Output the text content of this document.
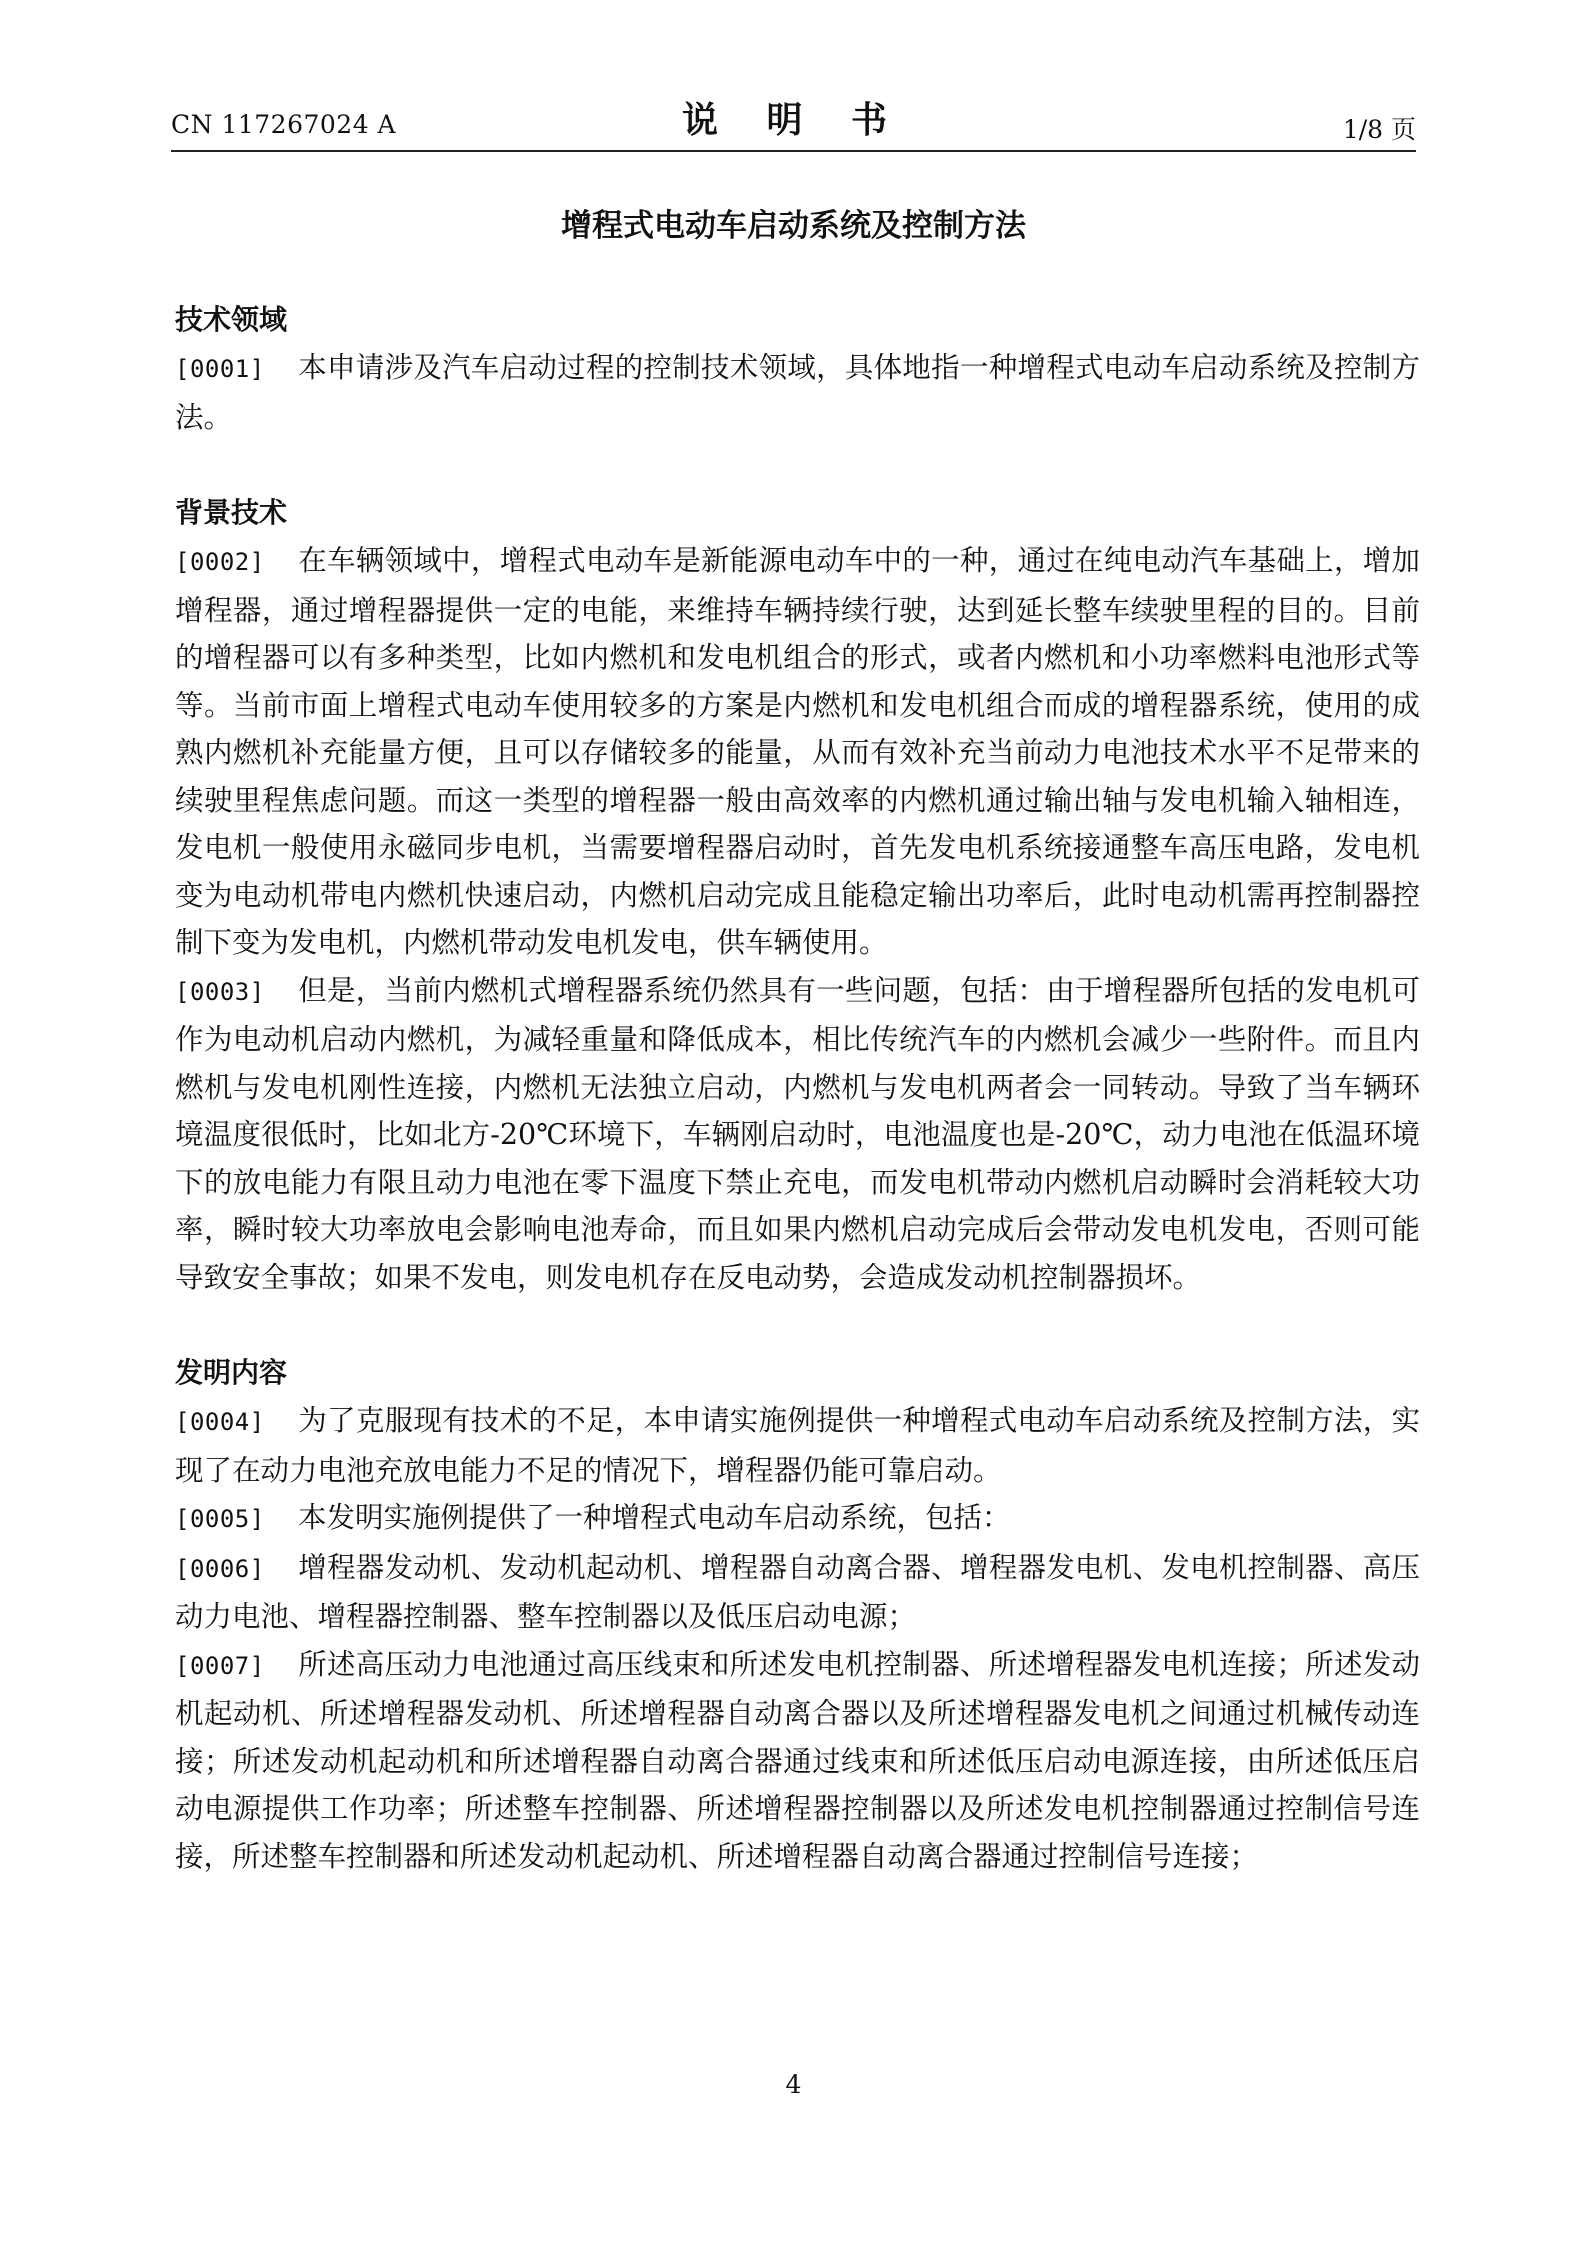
CN 117267024 A	说 明 书	1/8 页
增程式电动车启动系统及控制方法
技术领域

[0001] 本申请涉及汽车启动过程的控制技术领域，具体地指一种增程式电动车启动系统及控制方法。

背景技术

[0002] 在车辆领域中，增程式电动车是新能源电动车中的一种，通过在纯电动汽车基础上，增加增程器，通过增程器提供一定的电能，来维持车辆持续行驶，达到延长整车续驶里程的目的。目前的增程器可以有多种类型，比如内燃机和发电机组合的形式，或者内燃机和小功率燃料电池形式等等。当前市面上增程式电动车使用较多的方案是内燃机和发电机组合而成的增程器系统，使用的成熟内燃机补充能量方便，且可以存储较多的能量，从而有效补充当前动力电池技术水平不足带来的续驶里程焦虑问题。而这一类型的增程器一般由高效率的内燃机通过输出轴与发电机输入轴相连，发电机一般使用永磁同步电机，当需要增程器启动时，首先发电机系统接通整车高压电路，发电机变为电动机带电内燃机快速启动，内燃机启动完成且能稳定输出功率后，此时电动机需再控制器控制下变为发电机，内燃机带动发电机发电，供车辆使用。

[0003] 但是，当前内燃机式增程器系统仍然具有一些问题，包括：由于增程器所包括的发电机可作为电动机启动内燃机，为减轻重量和降低成本，相比传统汽车的内燃机会减少一些附件。而且内燃机与发电机刚性连接，内燃机无法独立启动，内燃机与发电机两者会一同转动。导致了当车辆环境温度很低时，比如北方-20℃环境下，车辆刚启动时，电池温度也是-20℃，动力电池在低温环境下的放电能力有限且动力电池在零下温度下禁止充电，而发电机带动内燃机启动瞬时会消耗较大功率，瞬时较大功率放电会影响电池寿命，而且如果内燃机启动完成后会带动发电机发电，否则可能导致安全事故；如果不发电，则发电机存在反电动势，会造成发动机控制器损坏。

发明内容

[0004] 为了克服现有技术的不足，本申请实施例提供一种增程式电动车启动系统及控制方法，实现了在动力电池充放电能力不足的情况下，增程器仍能可靠启动。

[0005] 本发明实施例提供了一种增程式电动车启动系统，包括：

[0006] 增程器发动机、发动机起动机、增程器自动离合器、增程器发电机、发电机控制器、高压动力电池、增程器控制器、整车控制器以及低压启动电源；

[0007] 所述高压动力电池通过高压线束和所述发电机控制器、所述增程器发电机连接；所述发动机起动机、所述增程器发动机、所述增程器自动离合器以及所述增程器发电机之间通过机械传动连接；所述发动机起动机和所述增程器自动离合器通过线束和所述低压启动电源连接，由所述低压启动电源提供工作功率；所述整车控制器、所述增程器控制器以及所述发电机控制器通过控制信号连接，所述整车控制器和所述发动机起动机、所述增程器自动离合器通过控制信号连接；

4
